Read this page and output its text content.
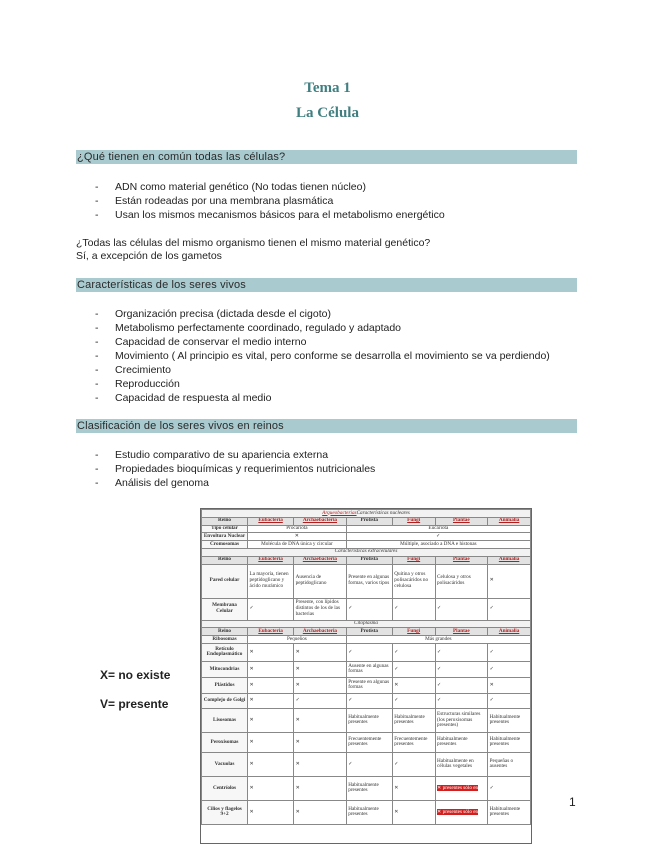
Tema 1
La Célula
¿Qué tienen en común todas las células?
- ADN como material genético (No todas tienen núcleo)
- Están rodeadas por una membrana plasmática
- Usan los mismos mecanismos básicos para el metabolismo energético
¿Todas las células del mismo organismo tienen el mismo material genético?
Sí, a excepción de los gametos
Características de los seres vivos
- Organización precisa (dictada desde el cigoto)
- Metabolismo perfectamente coordinado, regulado y adaptado
- Capacidad de conservar el medio interno
- Movimiento ( Al principio es vital, pero conforme se desarrolla el movimiento se va perdiendo)
- Crecimiento
- Reproducción
- Capacidad de respuesta al medio
Clasificación de los seres vivos en reinos
- Estudio comparativo de su apariencia externa
- Propiedades bioquímicas y requerimientos nutricionales
- Análisis del genoma
X= no existe
V= presente
ArqueobacteriasCaracterísticas nucleares						
Reino	Eubacteria	Archaebacteria	Protista	Fungi	Plantae	Animalia
Tipo celular	Procariota		Eucariota			
Envoltura Nuclear	✕		✓			
Cromosomas	Molécula de DNA única y circular		Múltiple, asociado a DNA e histonas			
Características extracelulares						
Reino	Eubacteria	Archaebacteria	Protista	Fungi	Plantae	Animalia
Pared celular	La mayoría, tienen peptidoglicano y ácido murámico	Ausencia de peptidoglicano	Presente en algunas formas, varios tipos	Quitina y otros polisacáridos no celulosa	Celulosa y otros polisacáridos	✕
Membrana Celular	✓	Presente, con lípidos distintos de los de las bacterias	✓	✓	✓	✓
Citoplasma						
Reino	Eubacteria	Archaebacteria	Protista	Fungi	Plantae	Animalia
Ribosomas	Pequeños		Más grandes			
Retículo Endoplasmático	✕	✕	✓	✓	✓	✓
Mitocondrias	✕	✕	Ausente en algunas formas	✓	✓	✓
Plástidos	✕	✕	Presente en algunas formas	✕	✓	✕
Complejo de Golgi	✕	✓	✓	✓	✓	✓
Lisosomas	✕	✕	Habitualmente presentes	Habitualmente presentes	Estructuras similares (los peroxisomas presentes)	Habitualmente presentes
Peroxisomas	✕	✕	Frecuentemente presentes	Frecuentemente presentes	Habitualmente presentes	Habitualmente presentes
Vacuolas	✕	✕	✓	✓	Habitualmente en células vegetales	Pequeñas o ausentes
Centríolos	✕	✕	Habitualmente presentes	✕	✕ presentes sólo en	✓
Cilios y flagelos 9+2	✕	✕	Habitualmente presentes	✕	✕ presentes sólo en	Habitualmente presentes
1
